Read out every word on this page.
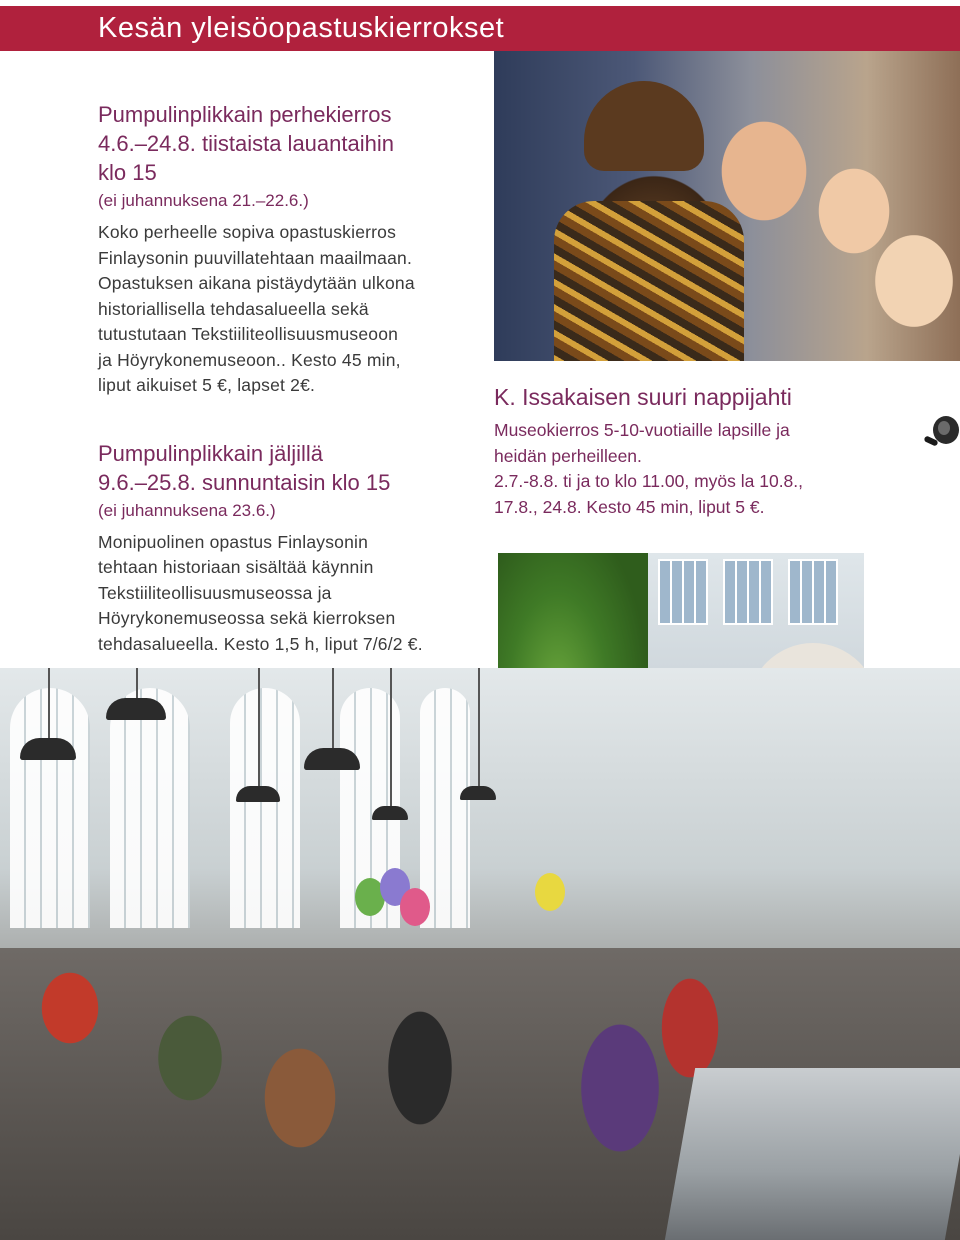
Kesän yleisöopastuskierrokset
Pumpulinplikkain perhekierros
4.6.–24.8. tiistaista lauantaihin
klo 15

(ei juhannuksena 21.–22.6.)

Koko perheelle sopiva opastuskierros
Finlaysonin puuvillatehtaan maailmaan.
Opastuksen aikana pistäydytään ulkona
historiallisella tehdasalueella sekä
tutustutaan Tekstiiliteollisuusmuseoon
ja Höyrykonemuseoon.. Kesto 45 min,
liput aikuiset 5 €, lapset 2€.

Pumpulinplikkain jäljillä
9.6.–25.8. sunnuntaisin klo 15

(ei juhannuksena 23.6.)

Monipuolinen opastus Finlaysonin
tehtaan historiaan sisältää käynnin
Tekstiiliteollisuusmuseossa ja
Höyrykonemuseossa sekä kierroksen
tehdasalueella. Kesto 1,5 h, liput 7/6/2 €.

K. Issakaisen suuri nappijahti

Museokierros 5-10-vuotiaille lapsille ja
heidän perheilleen.
2.7.-8.8. ti ja to klo 11.00, myös la 10.8.,
17.8., 24.8. Kesto 45 min, liput 5 €.
